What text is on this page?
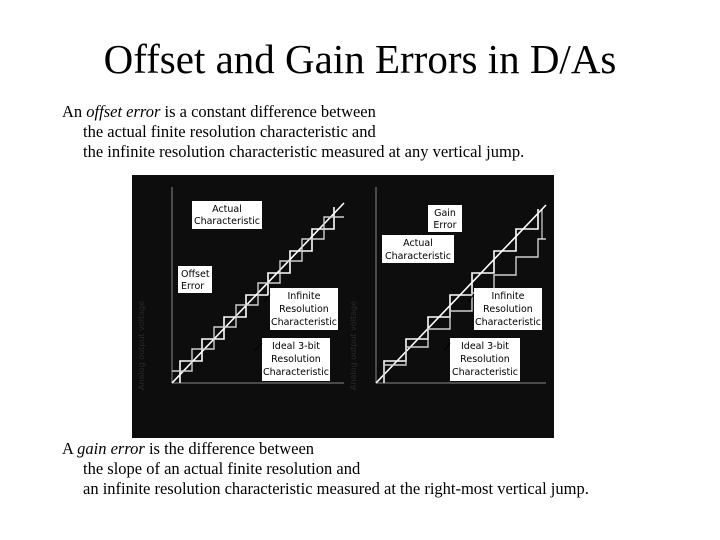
Offset and Gain Errors in D/As
An offset error is a constant difference between
the actual finite resolution characteristic and
the infinite resolution characteristic measured at any vertical jump.
Analog output voltage
Actual
Characteristic
Offset
Error
Infinite
Resolution
Characteristic
Ideal 3-bit
Resolution
Characteristic Analog output voltage
Gain
Error
Actual
Characteristic
Infinite
Resolution
Characteristic
Ideal 3-bit
Resolution
Characteristic
A gain error is the difference between
the slope of an actual finite resolution and
an infinite resolution characteristic measured at the right-most vertical jump.
